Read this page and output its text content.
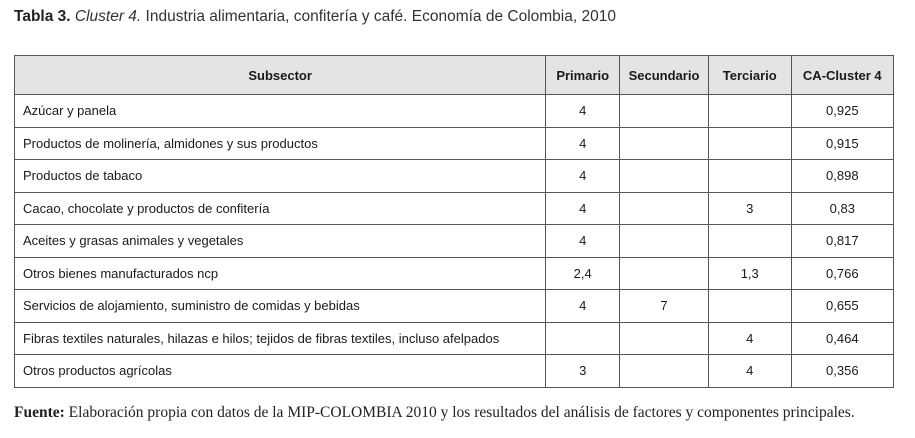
Tabla 3. Cluster 4. Industria alimentaria, confitería y café. Economía de Colombia, 2010
Subsector	Primario	Secundario	Terciario	CA-Cluster 4
Azúcar y panela	4			0,925
Productos de molinería, almidones y sus productos	4			0,915
Productos de tabaco	4			0,898
Cacao, chocolate y productos de confitería	4		3	0,83
Aceites y grasas animales y vegetales	4			0,817
Otros bienes manufacturados ncp	2,4		1,3	0,766
Servicios de alojamiento, suministro de comidas y bebidas	4	7		0,655
Fibras textiles naturales, hilazas e hilos; tejidos de fibras textiles, incluso afelpados			4	0,464
Otros productos agrícolas	3		4	0,356
Fuente: Elaboración propia con datos de la MIP-COLOMBIA 2010 y los resultados del análisis de factores y componentes principales.
